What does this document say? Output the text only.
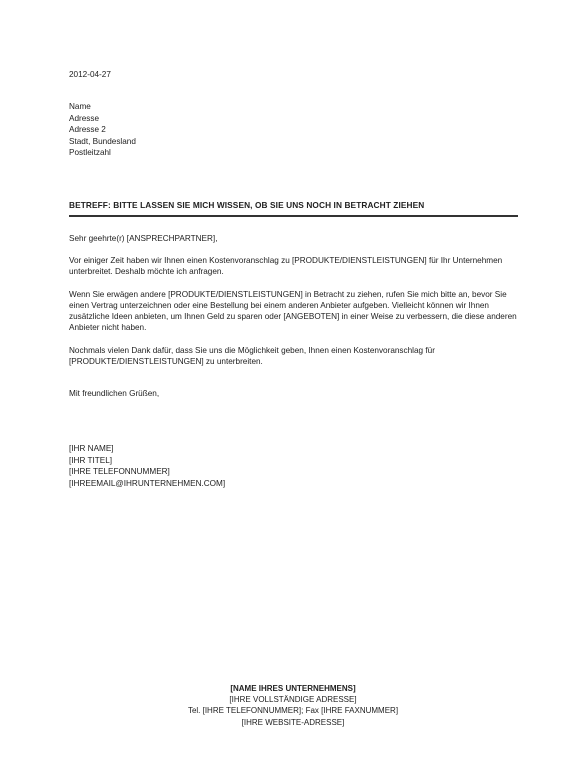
2012-04-27
Name
Adresse
Adresse 2
Stadt, Bundesland
Postleitzahl
BETREFF: BITTE LASSEN SIE MICH WISSEN, OB SIE UNS NOCH IN BETRACHT ZIEHEN

Sehr geehrte(r) [ANSPRECHPARTNER],

Vor einiger Zeit haben wir Ihnen einen Kostenvoranschlag zu [PRODUKTE/DIENSTLEISTUNGEN] für Ihr Unternehmen unterbreitet. Deshalb möchte ich anfragen.

Wenn Sie erwägen andere [PRODUKTE/DIENSTLEISTUNGEN] in Betracht zu ziehen, rufen Sie mich bitte an, bevor Sie einen Vertrag unterzeichnen oder eine Bestellung bei einem anderen Anbieter aufgeben. Vielleicht können wir Ihnen zusätzliche Ideen anbieten, um Ihnen Geld zu sparen oder [ANGEBOTEN] in einer Weise zu verbessern, die diese anderen Anbieter nicht haben.

Nochmals vielen Dank dafür, dass Sie uns die Möglichkeit geben, Ihnen einen Kostenvoranschlag für [PRODUKTE/DIENSTLEISTUNGEN] zu unterbreiten.

Mit freundlichen Grüßen,
[IHR NAME]
[IHR TITEL]
[IHRE TELEFONNUMMER]
[IHREEMAIL@IHRUNTERNEHMEN.COM]
[NAME IHRES UNTERNEHMENS]
[IHRE VOLLSTÄNDIGE ADRESSE]
Tel. [IHRE TELEFONNUMMER]; Fax [IHRE FAXNUMMER]
[IHRE WEBSITE-ADRESSE]
